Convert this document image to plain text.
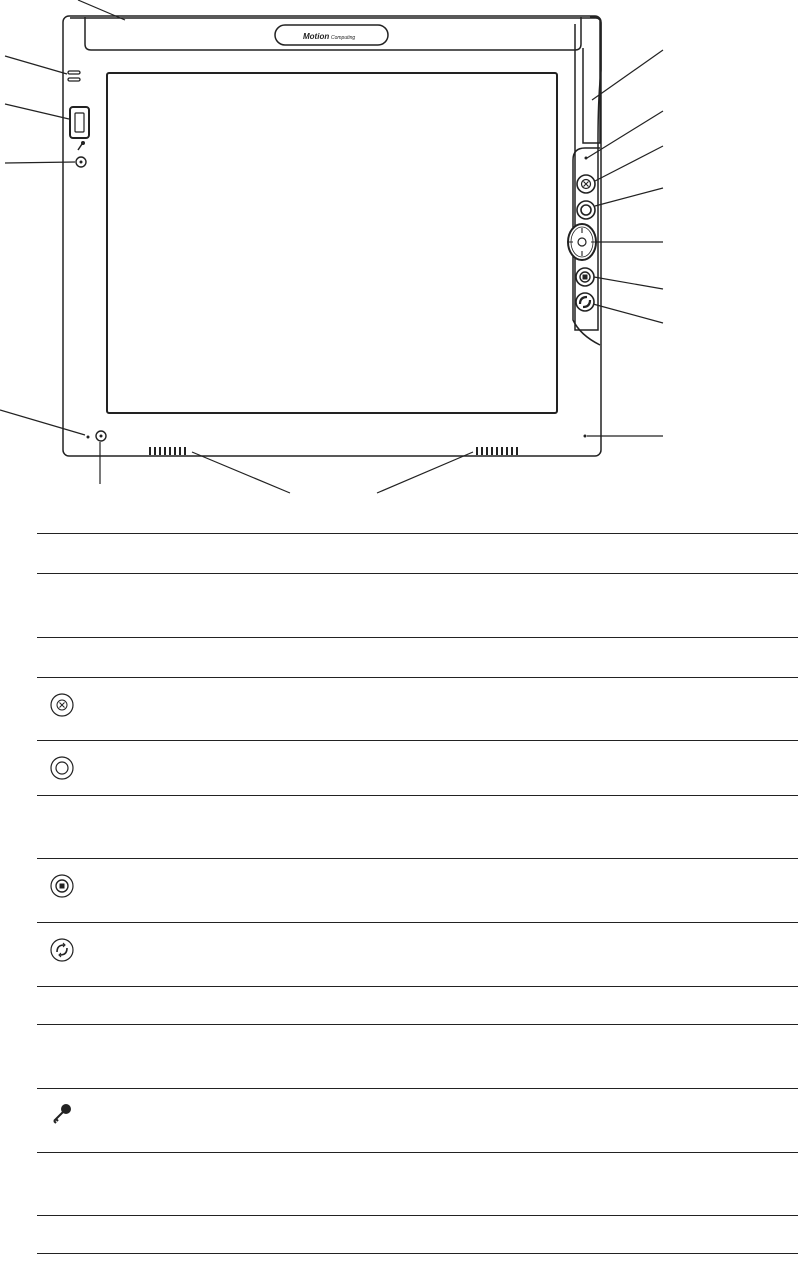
Motion Computing
